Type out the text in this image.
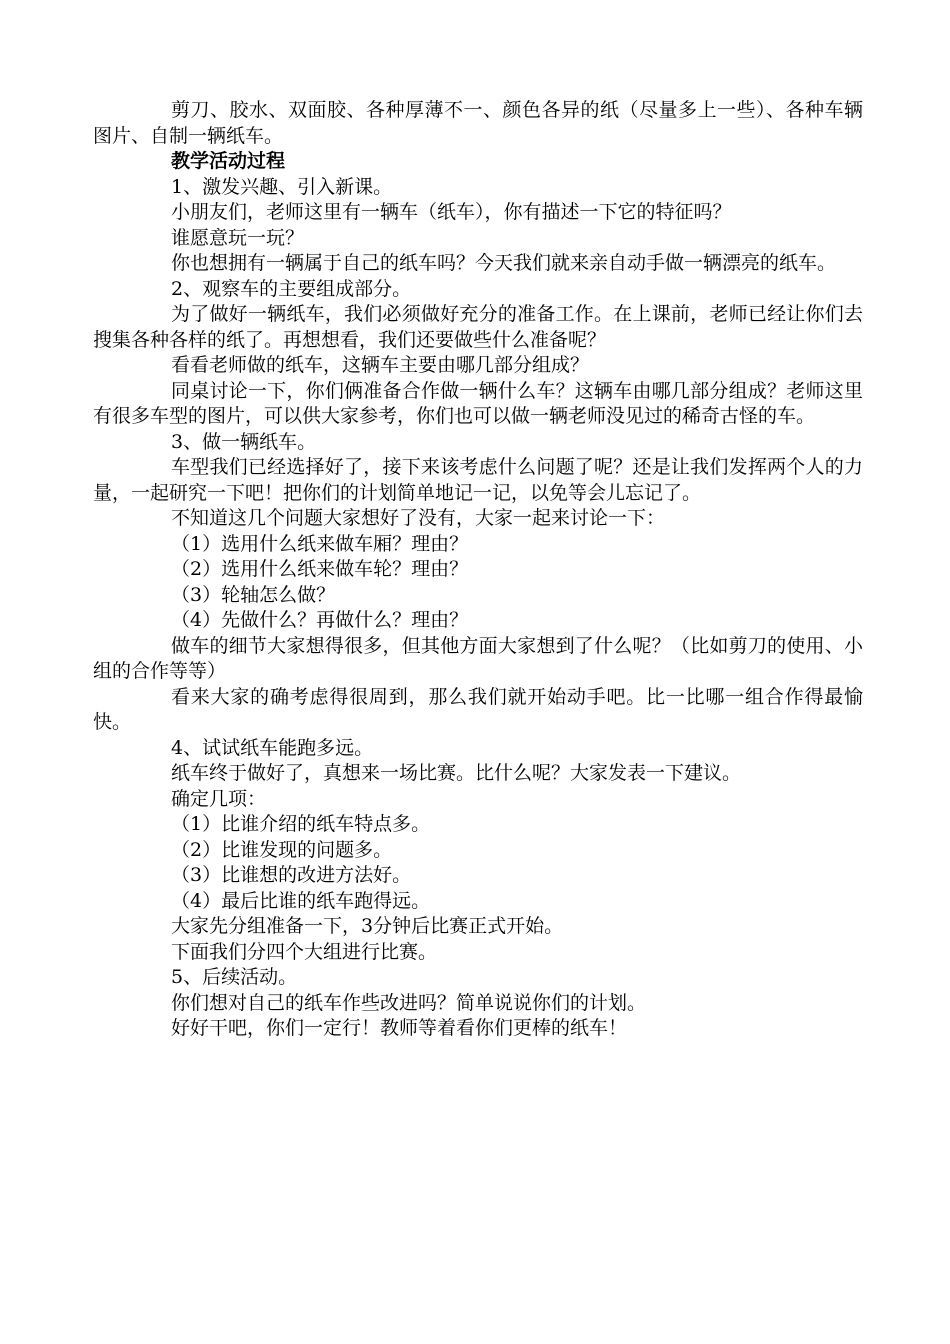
剪刀、胶水、双面胶、各种厚薄不一、颜色各异的纸（尽量多上一些）、各种车辆图片、自制一辆纸车。

教学活动过程

1、激发兴趣、引入新课。

小朋友们，老师这里有一辆车（纸车），你有描述一下它的特征吗？

谁愿意玩一玩？

你也想拥有一辆属于自己的纸车吗？今天我们就来亲自动手做一辆漂亮的纸车。

2、观察车的主要组成部分。

为了做好一辆纸车，我们必须做好充分的准备工作。在上课前，老师已经让你们去搜集各种各样的纸了。再想想看，我们还要做些什么准备呢？

看看老师做的纸车，这辆车主要由哪几部分组成？

同桌讨论一下，你们俩准备合作做一辆什么车？这辆车由哪几部分组成？老师这里有很多车型的图片，可以供大家参考，你们也可以做一辆老师没见过的稀奇古怪的车。

3、做一辆纸车。

车型我们已经选择好了，接下来该考虑什么问题了呢？还是让我们发挥两个人的力量，一起研究一下吧！把你们的计划简单地记一记，以免等会儿忘记了。

不知道这几个问题大家想好了没有，大家一起来讨论一下：

（1）选用什么纸来做车厢？理由？

（2）选用什么纸来做车轮？理由？

（3）轮轴怎么做？

（4）先做什么？再做什么？理由？

做车的细节大家想得很多，但其他方面大家想到了什么呢？（比如剪刀的使用、小组的合作等等）

看来大家的确考虑得很周到，那么我们就开始动手吧。比一比哪一组合作得最愉快。

4、试试纸车能跑多远。

纸车终于做好了，真想来一场比赛。比什么呢？大家发表一下建议。

确定几项：

（1）比谁介绍的纸车特点多。

（2）比谁发现的问题多。

（3）比谁想的改进方法好。

（4）最后比谁的纸车跑得远。

大家先分组准备一下，3分钟后比赛正式开始。

下面我们分四个大组进行比赛。

5、后续活动。

你们想对自己的纸车作些改进吗？简单说说你们的计划。

好好干吧，你们一定行！教师等着看你们更棒的纸车！
